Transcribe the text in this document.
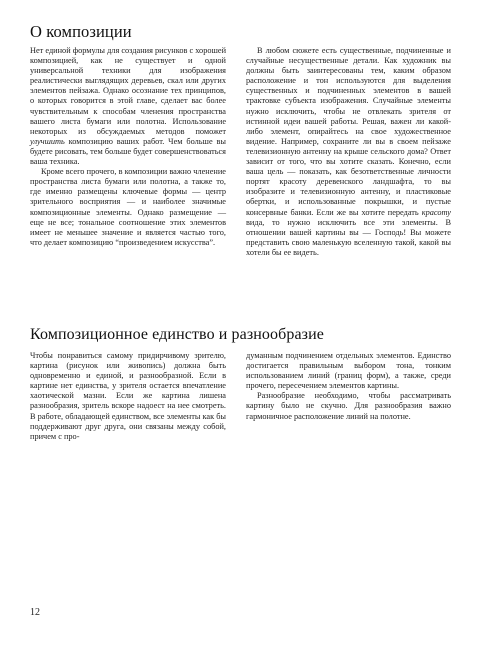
О композиции

Нет единой формулы для создания рисунков с хорошей композицией, как не существует и одной универсальной техники для изображения реалистически выглядящих деревьев, скал или других элементов пейзажа. Однако осознание тех принципов, о которых говорится в этой главе, сделает вас более чувствительным к способам членения пространства вашего листа бумаги или полотна. Использование некоторых из обсуждаемых методов поможет улучшить композицию ваших работ. Чем больше вы будете рисовать, тем больше будет совершенствоваться ваша техника.

Кроме всего прочего, в композиции важно членение пространства листа бумаги или полотна, а также то, где именно размещены ключевые формы — центр зрительного восприятия — и наиболее значимые композиционные элементы. Однако размещение — еще не все; тональное соотношение этих элементов имеет не меньшее значение и является частью того, что делает композицию “произведением искусства”.

В любом сюжете есть существенные, подчиненные и случайные несущественные детали. Как художник вы должны быть заинтересованы тем, каким образом расположение и тон используются для выделения существенных и подчиненных элементов в вашей трактовке субъекта изображения. Случайные элементы нужно исключить, чтобы не отвлекать зрителя от истинной идеи вашей работы. Решая, важен ли какой-либо элемент, опирайтесь на свое художественное видение. Например, сохраните ли вы в своем пейзаже телевизионную антенну на крыше сельского дома? Ответ зависит от того, что вы хотите сказать. Конечно, если ваша цель — показать, как безответственные личности портят красоту деревенского ландшафта, то вы изобразите и телевизионную антенну, и пластиковые обертки, и использованные покрышки, и пустые консервные банки. Если же вы хотите передать красоту вида, то нужно исключить все эти элементы. В отношении вашей картины вы — Господь! Вы можете представить свою маленькую вселенную такой, какой вы хотели бы ее видеть.

Композиционное единство и разнообразие

Чтобы понравиться самому придирчивому зрителю, картина (рисунок или живопись) должна быть одновременно и единой, и разнообразной. Если в картине нет единства, у зрителя остается впечатление хаотической мазни. Если же картина лишена разнообразия, зритель вскоре надоест на нее смотреть. В работе, обладающей единством, все элементы как бы поддерживают друг друга, они связаны между собой, причем с про-

думанным подчинением отдельных элементов. Единство достигается правильным выбором тона, тонким использованием линий (границ форм), а также, среди прочего, пересечением элементов картины.

Разнообразие необходимо, чтобы рассматривать картину было не скучно. Для разнообразия важно гармоничное расположение линий на полотне.

12
